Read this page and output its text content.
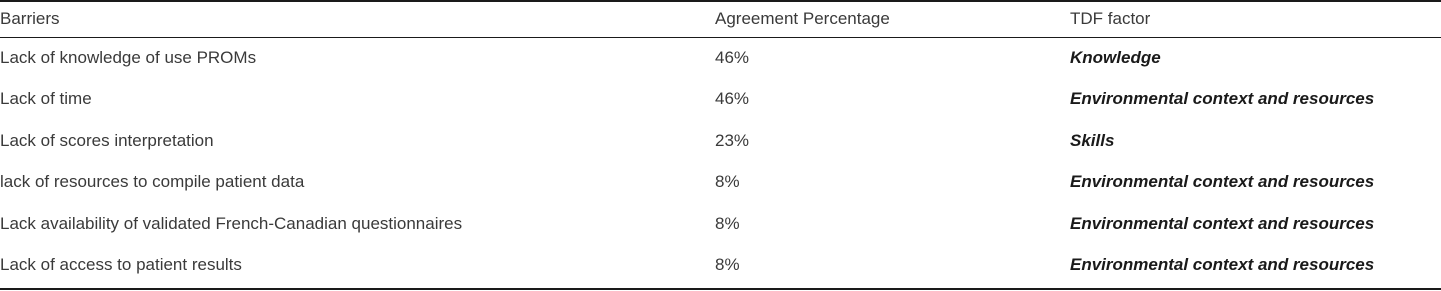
Barriers	Agreement Percentage	TDF factor
Lack of knowledge of use PROMs	46%	Knowledge
Lack of time	46%	Environmental context and resources
Lack of scores interpretation	23%	Skills
lack of resources to compile patient data	8%	Environmental context and resources
Lack availability of validated French-Canadian questionnaires	8%	Environmental context and resources
Lack of access to patient results	8%	Environmental context and resources
